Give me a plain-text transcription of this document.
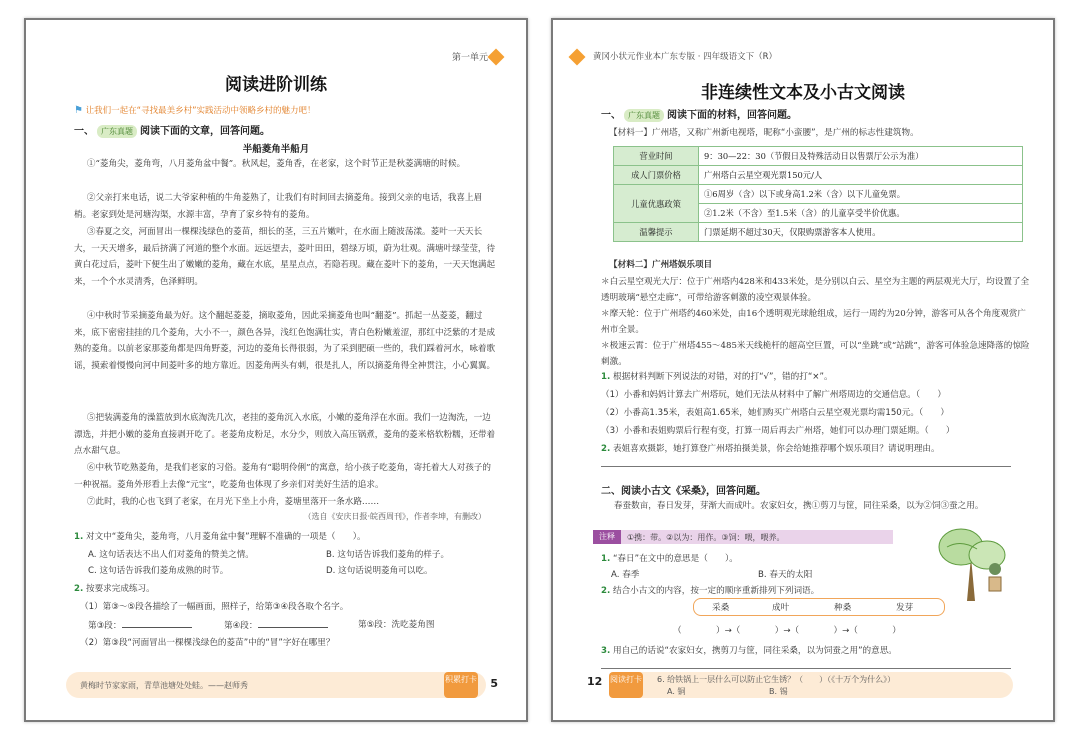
第一单元
阅读进阶训练
⚑ 让我们一起在“寻找最美乡村”实践活动中领略乡村的魅力吧！
一、 广东真题 阅读下面的文章，回答问题。
半船菱角半船月
①“菱角尖，菱角弯，八月菱角盆中餐”。秋风起，菱角香，在老家，这个时节正是秋菱满塘的时候。
②父亲打来电话，说二大爷家种植的牛角菱熟了，让我们有时间回去摘菱角。接到父亲的电话，我喜上眉梢。老家到处是河塘沟渠，水源丰富，孕育了家乡特有的菱角。
③春夏之交，河面冒出一棵棵浅绿色的菱苗，细长的茎，三五片嫩叶，在水面上随波荡漾。菱叶一天天长大，一天天增多，最后挤满了河道的整个水面。远远望去，菱叶田田，碧绿万顷，蔚为壮观。满塘叶绿莹莹，待黄白花过后，菱叶下便生出了嫩嫩的菱角，藏在水底，星星点点，若隐若现。藏在菱叶下的菱角，一天天饱满起来，一个个水灵清秀，色泽鲜明。
④中秋时节采摘菱角最为好。这个翻起菱菱，摘取菱角，因此采摘菱角也叫“翻菱”。抓起一丛菱菱，翻过来，底下密密挂挂的几个菱角，大小不一，颜色各异，浅红色饱满壮实，青白色粉嫩羞涩，那红中泛紫的才是成熟的菱角。以前老家那菱角都是四角野菱，河边的菱角长得很弱，为了采到肥硕一些的，我们踩着河水，咏着歌谣，摸索着慢慢向河中间菱叶多的地方靠近。因菱角两头有刺，很是扎人，所以摘菱角得全神贯注，小心翼翼。
⑤把装满菱角的澡篮放到水底淘洗几次，老挂的菱角沉入水底，小嫩的菱角浮在水面。我们一边淘洗，一边漂选，并把小嫩的菱角直接剥开吃了。老菱角皮粉足，水分少，则放入高压锅煮，菱角的菱米格软粉糯，还带着点水甜气息。
⑥中秋节吃熟菱角，是我们老家的习俗。菱角有“聪明伶俐”的寓意，给小孩子吃菱角，寄托着大人对孩子的一种祝福。菱角外形看上去像“元宝”，吃菱角也体现了乡亲们对美好生活的追求。
⑦此时，我的心也飞到了老家，在月光下坐上小舟，菱塘里落开一条水路……
（选自《安庆日报·皖西周刊》，作者李坤，有删改）
1. 对文中“菱角尖，菱角弯，八月菱角盆中餐”理解不准确的一项是（　　）。
A. 这句话表达不出人们对菱角的赞美之情。	B. 这句话告诉我们菱角的样子。
C. 这句话告诉我们菱角成熟的时节。	D. 这句话说明菱角可以吃。
2. 按要求完成练习。
（1）第③～⑤段各描绘了一幅画面，照样子，给第③④段各取个名字。
第③段：	第④段：	第⑤段：洗吃菱角图
（2）第③段“河面冒出一棵棵浅绿色的菱苗”中的“冒”字好在哪里？
黄梅时节家家雨，青草池塘处处蛙。——赵师秀
积累打卡 5
黄冈小状元作业本广东专版 · 四年级语文下（R）
非连续性文本及小古文阅读
一、 广东真题 阅读下面的材料，回答问题。
【材料一】广州塔，又称广州新电视塔，昵称“小蛮腰”，是广州的标志性建筑物。
营业时间	9：30—22：30（节假日及特殊活动日以售票厅公示为准）
成人门票价格	广州塔白云星空观光票150元/人
儿童优惠政策	①6周岁（含）以下或身高1.2米（含）以下儿童免票。
	②1.2米（不含）至1.5米（含）的儿童享受半价优惠。
温馨提示	门票延期不超过30天，仅限购票游客本人使用。
【材料二】广州塔娱乐项目
＊白云星空观光大厅：位于广州塔内428米和433米处，是分别以白云、星空为主题的两层观光大厅，均设置了全透明玻璃“悬空走廊”，可带给游客刺激的凌空观景体验。
＊摩天轮：位于广州塔约460米处，由16个透明观光球舱组成，运行一周约为20分钟，游客可从各个角度观赏广州市全景。
＊极速云霄：位于广州塔455～485米天线桅杆的超高空巨置，可以“坐跳”或“站跳”，游客可体验急速降落的惊险刺激。
1. 根据材料判断下列说法的对错，对的打“√”，错的打“×”。
（1）小番和妈妈计算去广州塔玩，她们无法从材料中了解广州塔周边的交通信息。（　　）
（2）小番高1.35米，表姐高1.65米，她们购买广州塔白云星空观光票均需150元。（　　）
（3）小番和表姐购票后行程有变，打算一周后再去广州塔，她们可以办理门票延期。（　　）
2. 表姐喜欢摄影，她打算登广州塔拍摄美景，你会给她推荐哪个娱乐项目？请说明理由。
二、阅读小古文《采桑》，回答问题。
春蚕数亩，春日发芽，芽渐大而成叶。农家妇女，携①剪刀与筐，同往采桑，以为②饲③蚕之用。
注释	①携：带。②以为：用作。③饲：喂，喂养。
1. “春日”在文中的意思是（　　）。
A. 春季	B. 春天的太阳
2. 结合小古文的内容，按一定的顺序重新排列下列词语。
采桑	成叶	种桑	发芽
（　　　　）→（　　　　）→（　　　　）→（　　　　）
3. 用自己的话说“农家妇女，携剪刀与筐，同往采桑，以为饲蚕之用”的意思。
12	6. 给铁锅上一层什么可以防止它生锈？（　　）（《十万个为什么》）
A. 铜	B. 锡
阅读打卡
